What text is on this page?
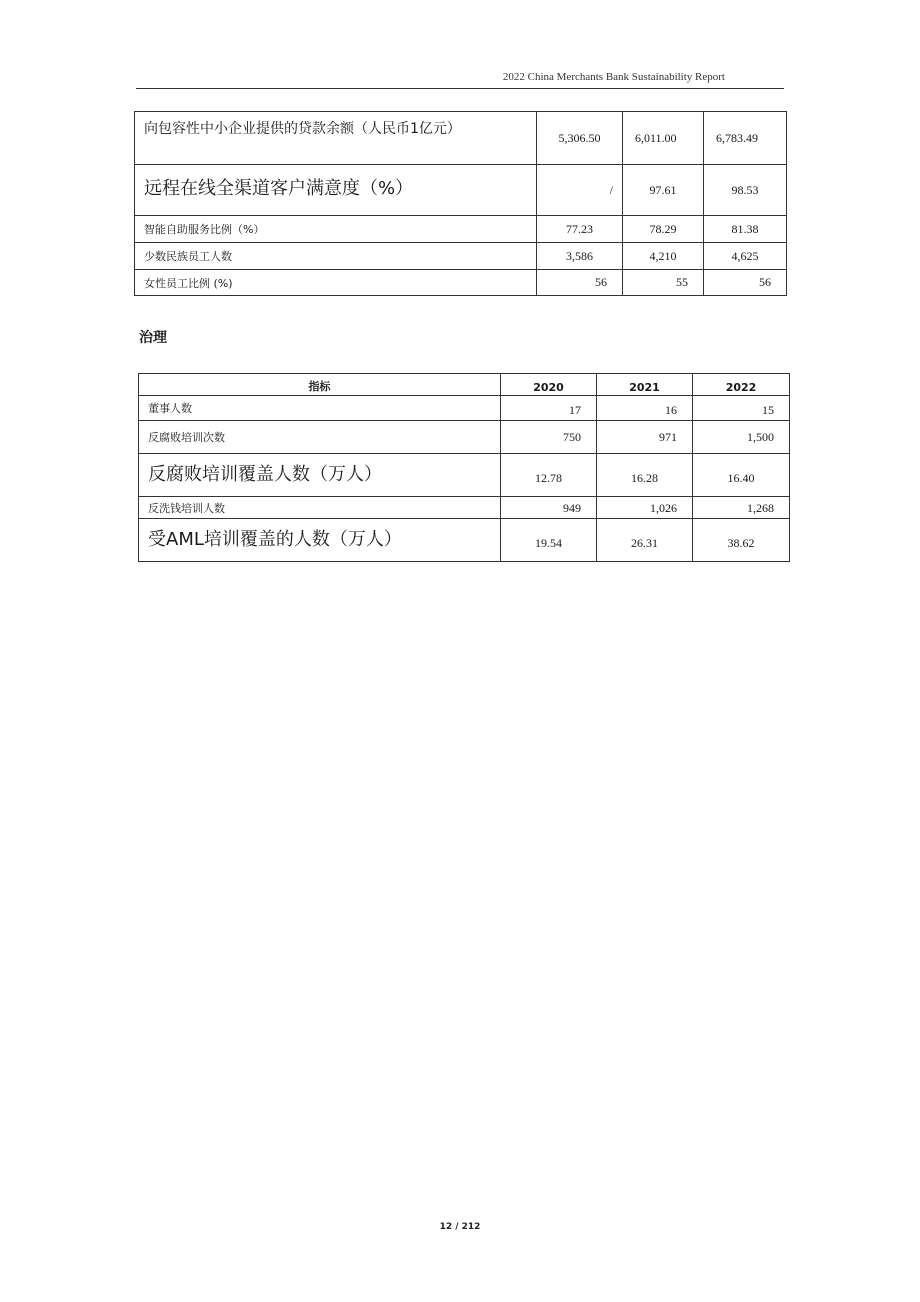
2022 China Merchants Bank Sustainability Report
向包容性中小企业提供的贷款余额（人民币1亿元）	5,306.50	6,011.00	6,783.49
远程在线全渠道客户满意度（%）	/	97.61	98.53
智能自助服务比例（%）	77.23	78.29	81.38
少数民族员工人数	3,586	4,210	4,625
女性员工比例 (%)	56	55	56
治理
指标	2020	2021	2022
董事人数	17	16	15
反腐败培训次数	750	971	1,500
反腐败培训覆盖人数（万人）	12.78	16.28	16.40
反洗钱培训人数	949	1,026	1,268
受AML培训覆盖的人数（万人）	19.54	26.31	38.62
12 / 212
